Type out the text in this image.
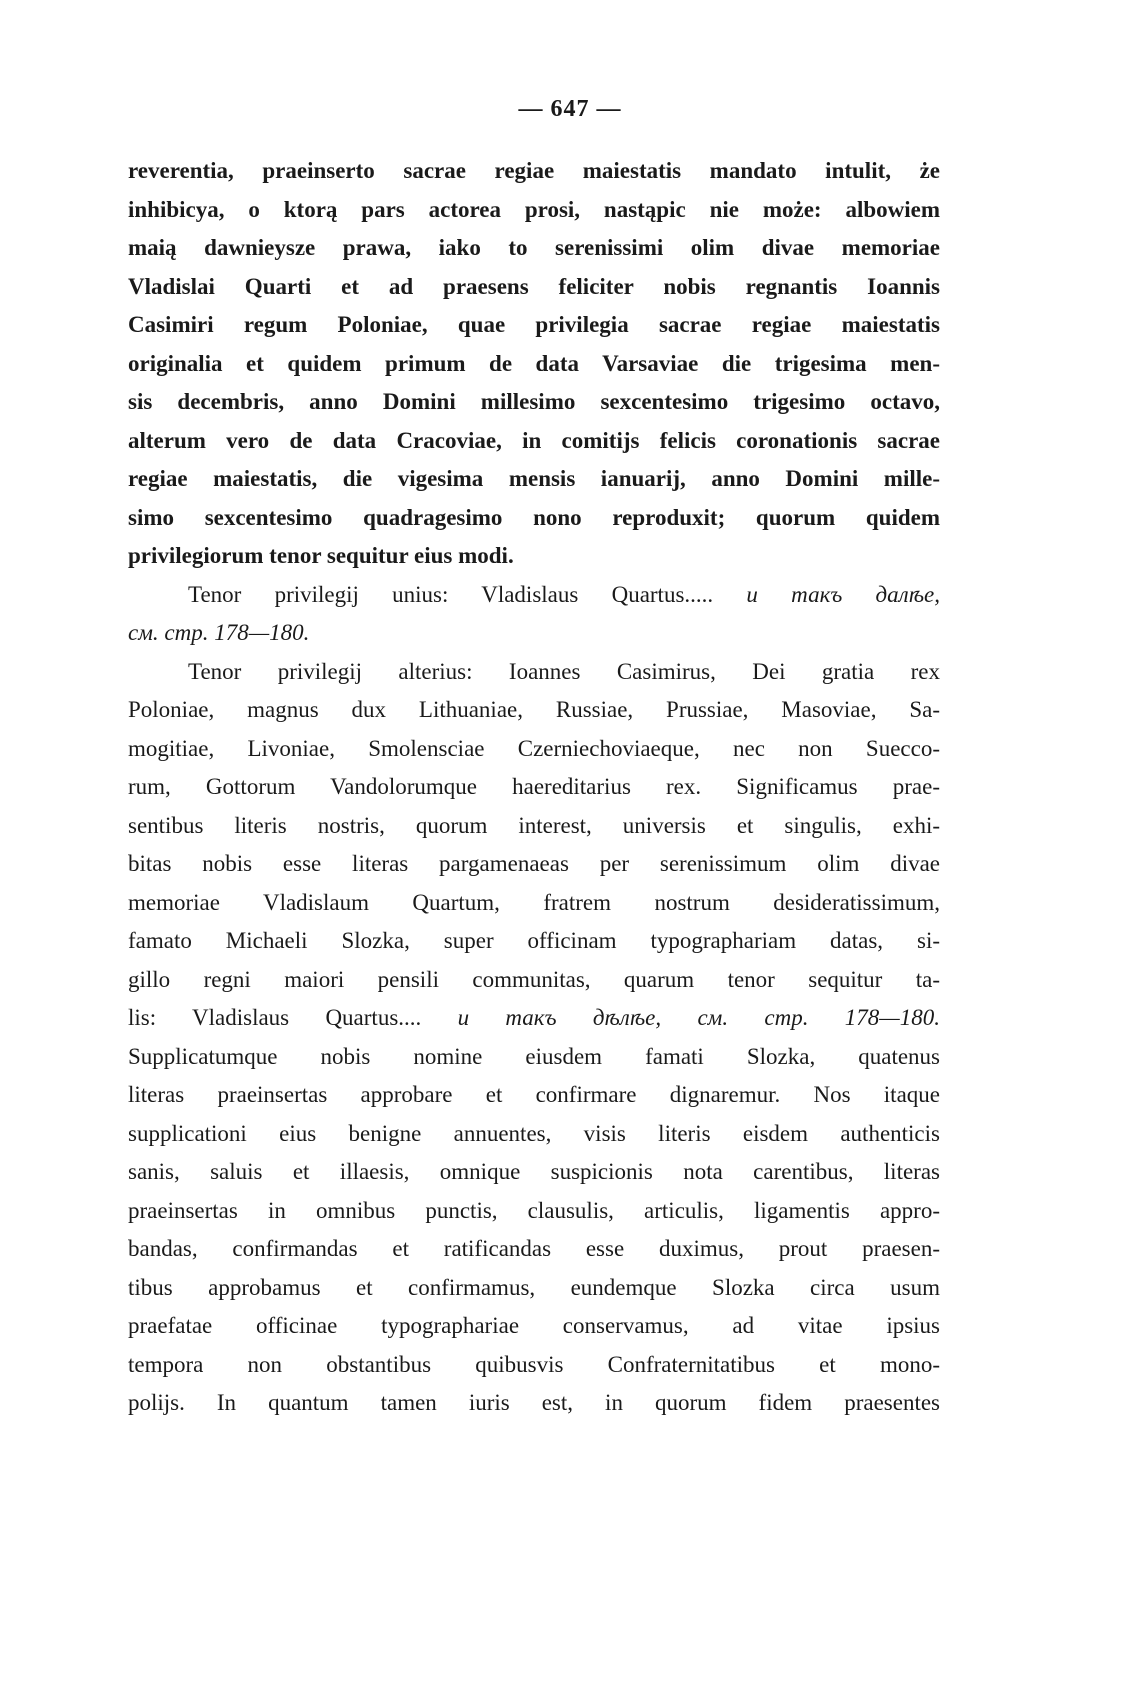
— 647 —
reverentia, praeinserto sacrae regiae maiestatis mandato intulit, że
inhibicya, o ktorą pars actorea prosi, nastąpic nie może: albowiem
maią dawnieysze prawa, iako to serenissimi olim divae memoriae
Vladislai Quarti et ad praesens feliciter nobis regnantis Ioannis
Casimiri regum Poloniae, quae privilegia sacrae regiae maiestatis
originalia et quidem primum de data Varsaviae die trigesima men-
sis decembris, anno Domini millesimo sexcentesimo trigesimo octavo,
alterum vero de data Cracoviae, in comitijs felicis coronationis sacrae
regiae maiestatis, die vigesima mensis ianuarij, anno Domini mille-
simo sexcentesimo quadragesimo nono reproduxit; quorum quidem
privilegiorum tenor sequitur eius modi.
Tenor privilegij unius: Vladislaus Quartus..... и такъ далѣе,
см. стр. 178—180.
Tenor privilegij alterius: Ioannes Casimirus, Dei gratia rex
Poloniae, magnus dux Lithuaniae, Russiae, Prussiae, Masoviae, Sa-
mogitiae, Livoniae, Smolensciae Czerniechoviaeque, nec non Suecco-
rum, Gottorum Vandolorumque haereditarius rex. Significamus prae-
sentibus literis nostris, quorum interest, universis et singulis, exhi-
bitas nobis esse literas pargamenaeas per serenissimum olim divae
memoriae Vladislaum Quartum, fratrem nostrum desideratissimum,
famato Michaeli Slozka, super officinam typographariam datas, si-
gillo regni maiori pensili communitas, quarum tenor sequitur ta-
lis: Vladislaus Quartus.... и такъ дѣлѣе, см. стр. 178—180.
Supplicatumque nobis nomine eiusdem famati Slozka, quatenus
literas praeinsertas approbare et confirmare dignaremur. Nos itaque
supplicationi eius benigne annuentes, visis literis eisdem authenticis
sanis, saluis et illaesis, omnique suspicionis nota carentibus, literas
praeinsertas in omnibus punctis, clausulis, articulis, ligamentis appro-
bandas, confirmandas et ratificandas esse duximus, prout praesen-
tibus approbamus et confirmamus, eundemque Slozka circa usum
praefatae officinae typographariae conservamus, ad vitae ipsius
tempora non obstantibus quibusvis Confraternitatibus et mono-
polijs. In quantum tamen iuris est, in quorum fidem praesentes
